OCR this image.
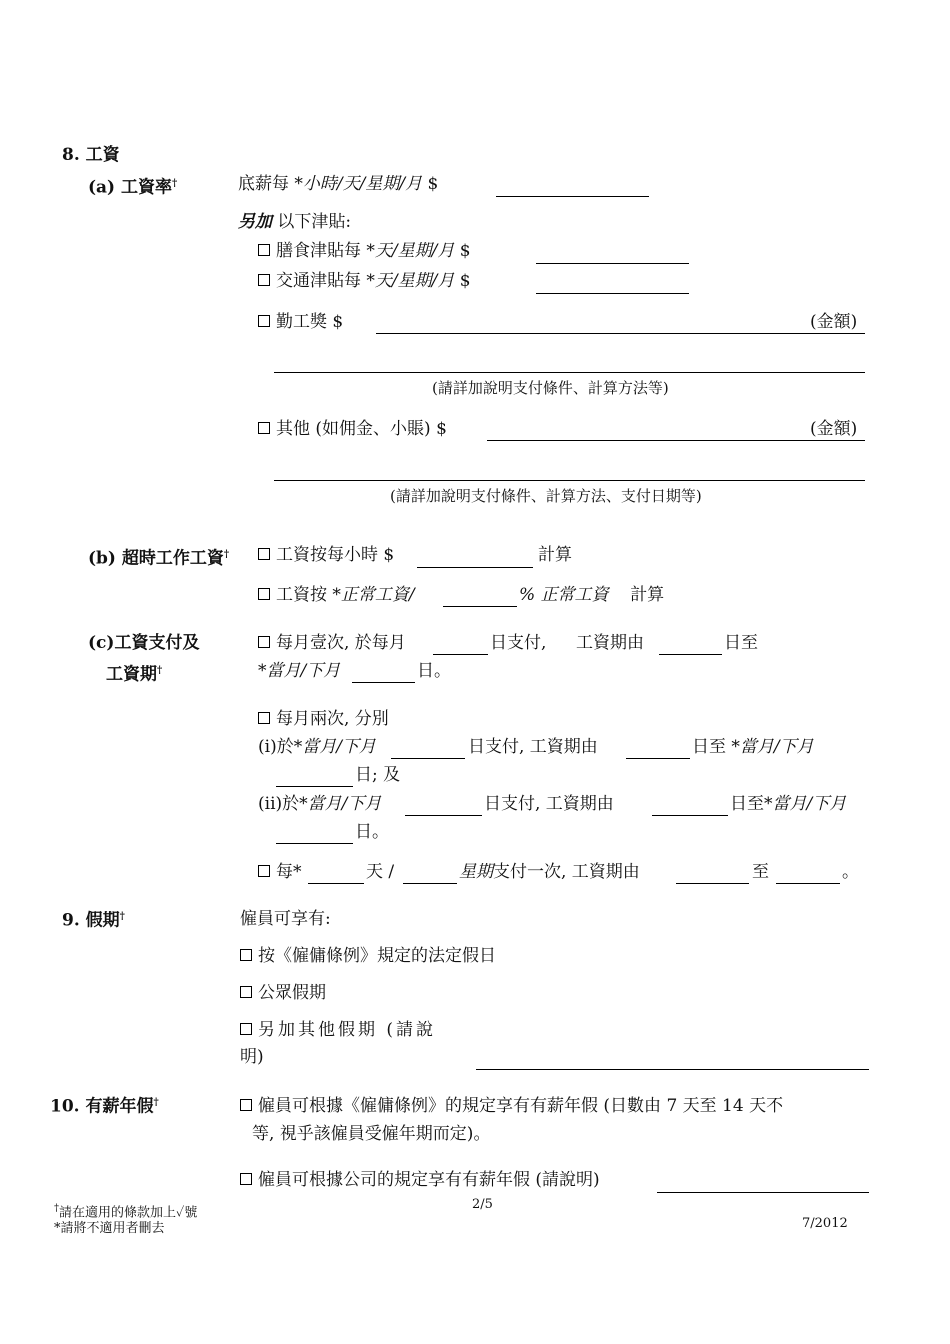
8. 工資
(a) 工資率†	底薪每 *小時/天/星期/月 $
另加 以下津貼:
膳食津貼每 *天/星期/月 $
交通津貼每 *天/星期/月 $
勤工獎 $	(金額)
(請詳加說明支付條件、計算方法等)
其他 (如佣金、小賬) $	(金額)
(請詳加說明支付條件、計算方法、支付日期等)
(b) 超時工作工資†	工資按每小時 $	計算
工資按 *正常工資/	% 正常工資 計算
(c)工資支付及
工資期†
每月壹次, 於每月	日支付, 工資期由	日至
*當月/下月	日。
每月兩次, 分別
(i)於*當月/下月	日支付, 工資期由	日至 *當月/下月
日; 及
(ii)於*當月/下月	日支付, 工資期由	日至*當月/下月
日。
每*	天 /	星期支付一次, 工資期由	至	。
9. 假期†	僱員可享有:
按《僱傭條例》規定的法定假日
公眾假期
另加其他假期 (請說
明)
10. 有薪年假†	僱員可根據《僱傭條例》的規定享有有薪年假 (日數由 7 天至 14 天不
等, 視乎該僱員受僱年期而定)。
僱員可根據公司的規定享有有薪年假 (請說明)
†請在適用的條款加上✓號
*請將不適用者刪去
2/5
7/2012
